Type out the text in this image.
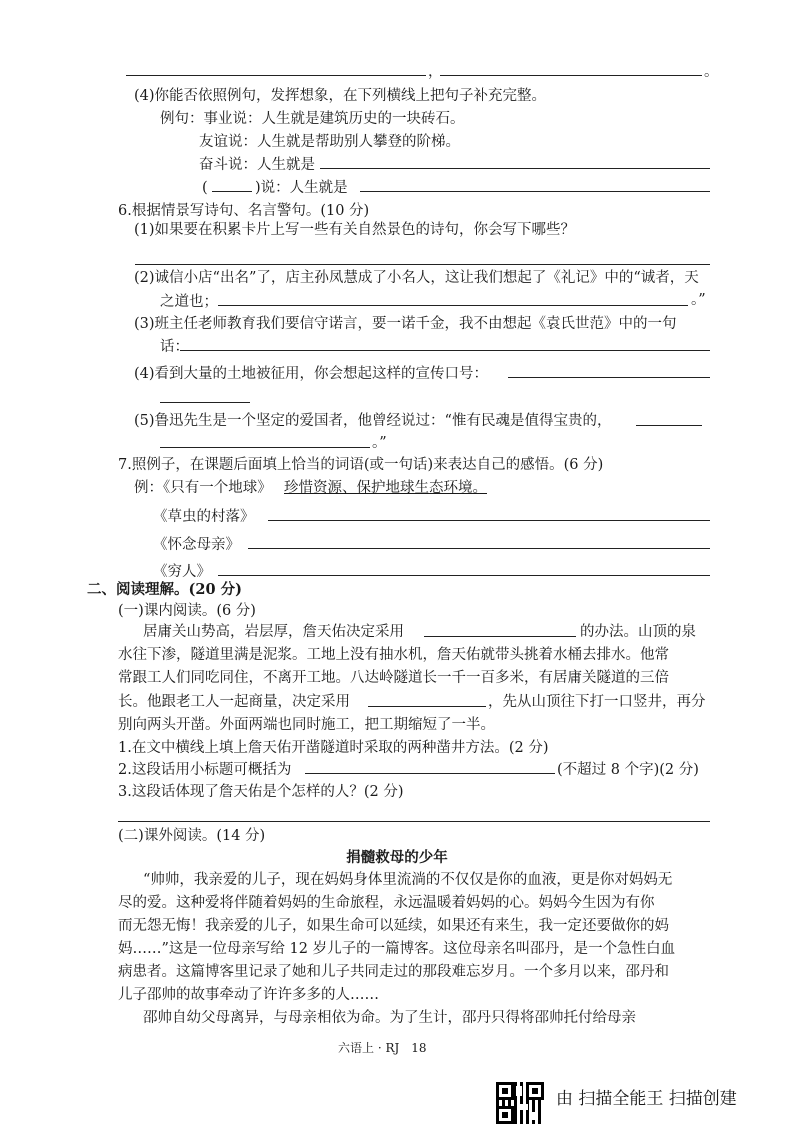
，	。
(4)你能否依照例句，发挥想象，在下列横线上把句子补充完整。
例句：事业说：人生就是建筑历史的一块砖石。
友谊说：人生就是帮助别人攀登的阶梯。
奋斗说：人生就是
(	)说：人生就是
6.根据情景写诗句、名言警句。(10 分)
(1)如果要在积累卡片上写一些有关自然景色的诗句，你会写下哪些？
(2)诚信小店“出名”了，店主孙凤慧成了小名人，这让我们想起了《礼记》中的“诚者，天
之道也；	。”
(3)班主任老师教育我们要信守诺言，要一诺千金，我不由想起《袁氏世范》中的一句
话：
(4)看到大量的土地被征用，你会想起这样的宣传口号：
(5)鲁迅先生是一个坚定的爱国者，他曾经说过：“惟有民魂是值得宝贵的，
。”
7.照例子，在课题后面填上恰当的词语(或一句话)来表达自己的感悟。(6 分)
例：《只有一个地球》 珍惜资源、保护地球生态环境。
《草虫的村落》
《怀念母亲》
《穷人》
二、阅读理解。(20 分)
(一)课内阅读。(6 分)
居庸关山势高，岩层厚，詹天佑决定采用	的办法。山顶的泉
水往下渗，隧道里满是泥浆。工地上没有抽水机，詹天佑就带头挑着水桶去排水。他常
常跟工人们同吃同住，不离开工地。八达岭隧道长一千一百多米，有居庸关隧道的三倍
长。他跟老工人一起商量，决定采用	，先从山顶往下打一口竖井，再分
别向两头开凿。外面两端也同时施工，把工期缩短了一半。
1.在文中横线上填上詹天佑开凿隧道时采取的两种凿井方法。(2 分)
2.这段话用小标题可概括为	(不超过 8 个字)(2 分)
3.这段话体现了詹天佑是个怎样的人？(2 分)
(二)课外阅读。(14 分)
捐髓救母的少年
“帅帅，我亲爱的儿子，现在妈妈身体里流淌的不仅仅是你的血液，更是你对妈妈无
尽的爱。这种爱将伴随着妈妈的生命旅程，永远温暖着妈妈的心。妈妈今生因为有你
而无怨无悔！我亲爱的儿子，如果生命可以延续，如果还有来生，我一定还要做你的妈
妈……”这是一位母亲写给 12 岁儿子的一篇博客。这位母亲名叫邵丹，是一个急性白血
病患者。这篇博客里记录了她和儿子共同走过的那段难忘岁月。一个多月以来，邵丹和
儿子邵帅的故事牵动了许许多多的人……
邵帅自幼父母离异，与母亲相依为命。为了生计，邵丹只得将邵帅托付给母亲
六语上 · RJ　18
由 扫描全能王 扫描创建
